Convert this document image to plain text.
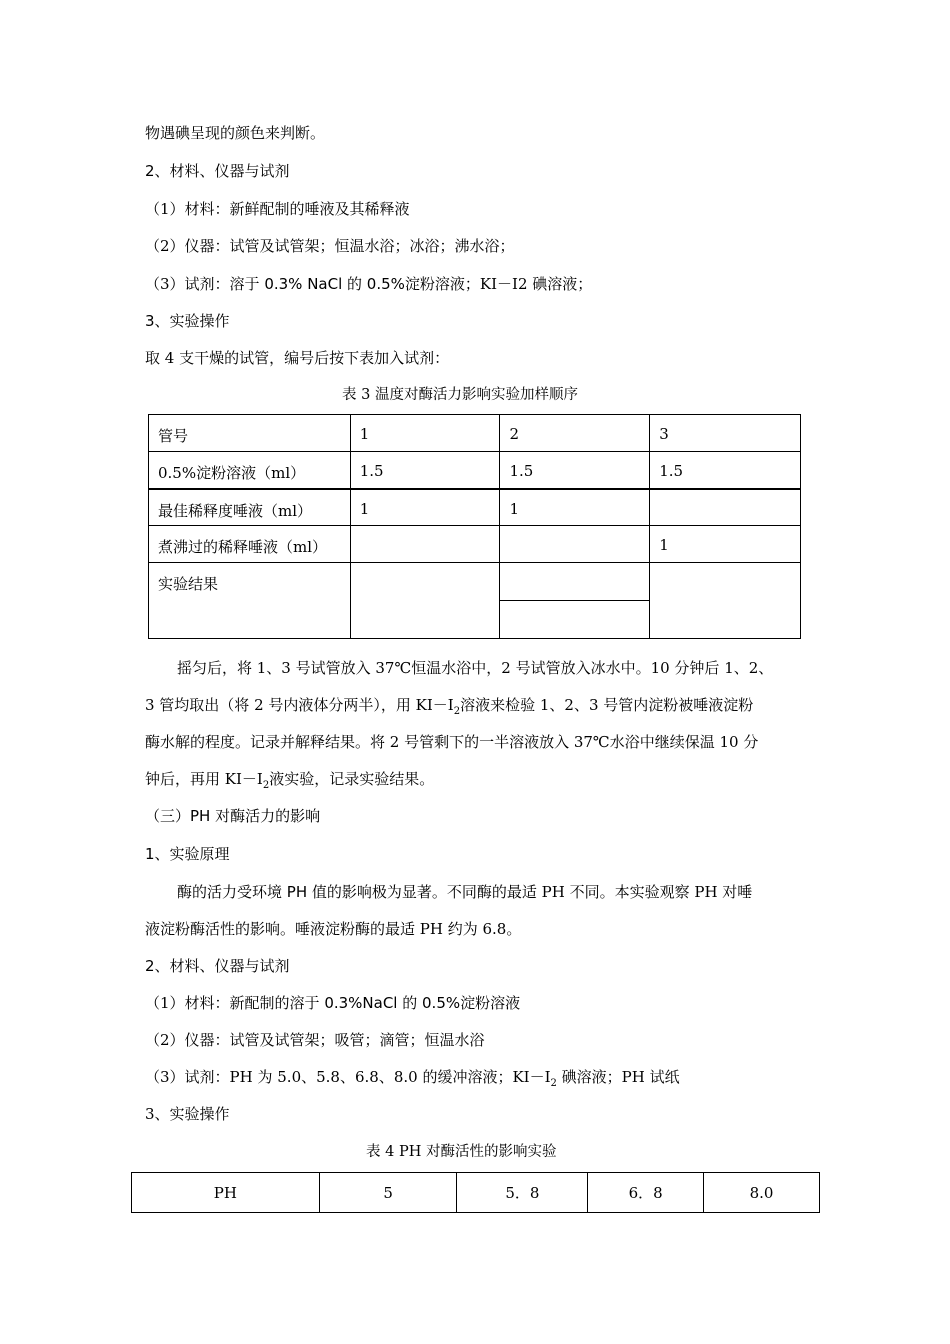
物遇碘呈现的颜色来判断。
2、材料、仪器与试剂
（1）材料：新鲜配制的唾液及其稀释液
（2）仪器：试管及试管架；恒温水浴；冰浴；沸水浴；
（3）试剂：溶于 0.3% NaCl 的 0.5%淀粉溶液；KI－I2 碘溶液；
3、实验操作
取 4 支干燥的试管，编号后按下表加入试剂：
表 3 温度对酶活力影响实验加样顺序
管号	1	2	3
0.5%淀粉溶液（ml）	1.5	1.5	1.5
最佳稀释度唾液（ml）	1	1	
煮沸过的稀释唾液（ml）			1
实验结果		

摇匀后，将 1、3 号试管放入 37℃恒温水浴中，2 号试管放入冰水中。10 分钟后 1、2、
3 管均取出（将 2 号内液体分两半），用 $KI-I_2$溶液来检验 1、2、3 号管内淀粉被唾液淀粉
酶水解的程度。记录并解释结果。将 2 号管剩下的一半溶液放入 37℃水浴中继续保温 10 分
钟后，再用 $KI-I_2$液实验，记录实验结果。
（三）PH 对酶活力的影响
1、实验原理
酶的活力受环境 PH 值的影响极为显著。不同酶的最适 PH 不同。本实验观察 PH 对唾
液淀粉酶活性的影响。唾液淀粉酶的最适 PH 约为 6.8。
2、材料、仪器与试剂
（1）材料：新配制的溶于 0.3%NaCl 的 0.5%淀粉溶液
（2）仪器：试管及试管架；吸管；滴管；恒温水浴
（3）试剂：PH 为 5.0、5.8、6.8、8.0 的缓冲溶液；$KI-I_2$ 碘溶液；PH 试纸
3、实验操作
表 4 PH 对酶活性的影响实验
PH	5	5．8	6．8	8.0
